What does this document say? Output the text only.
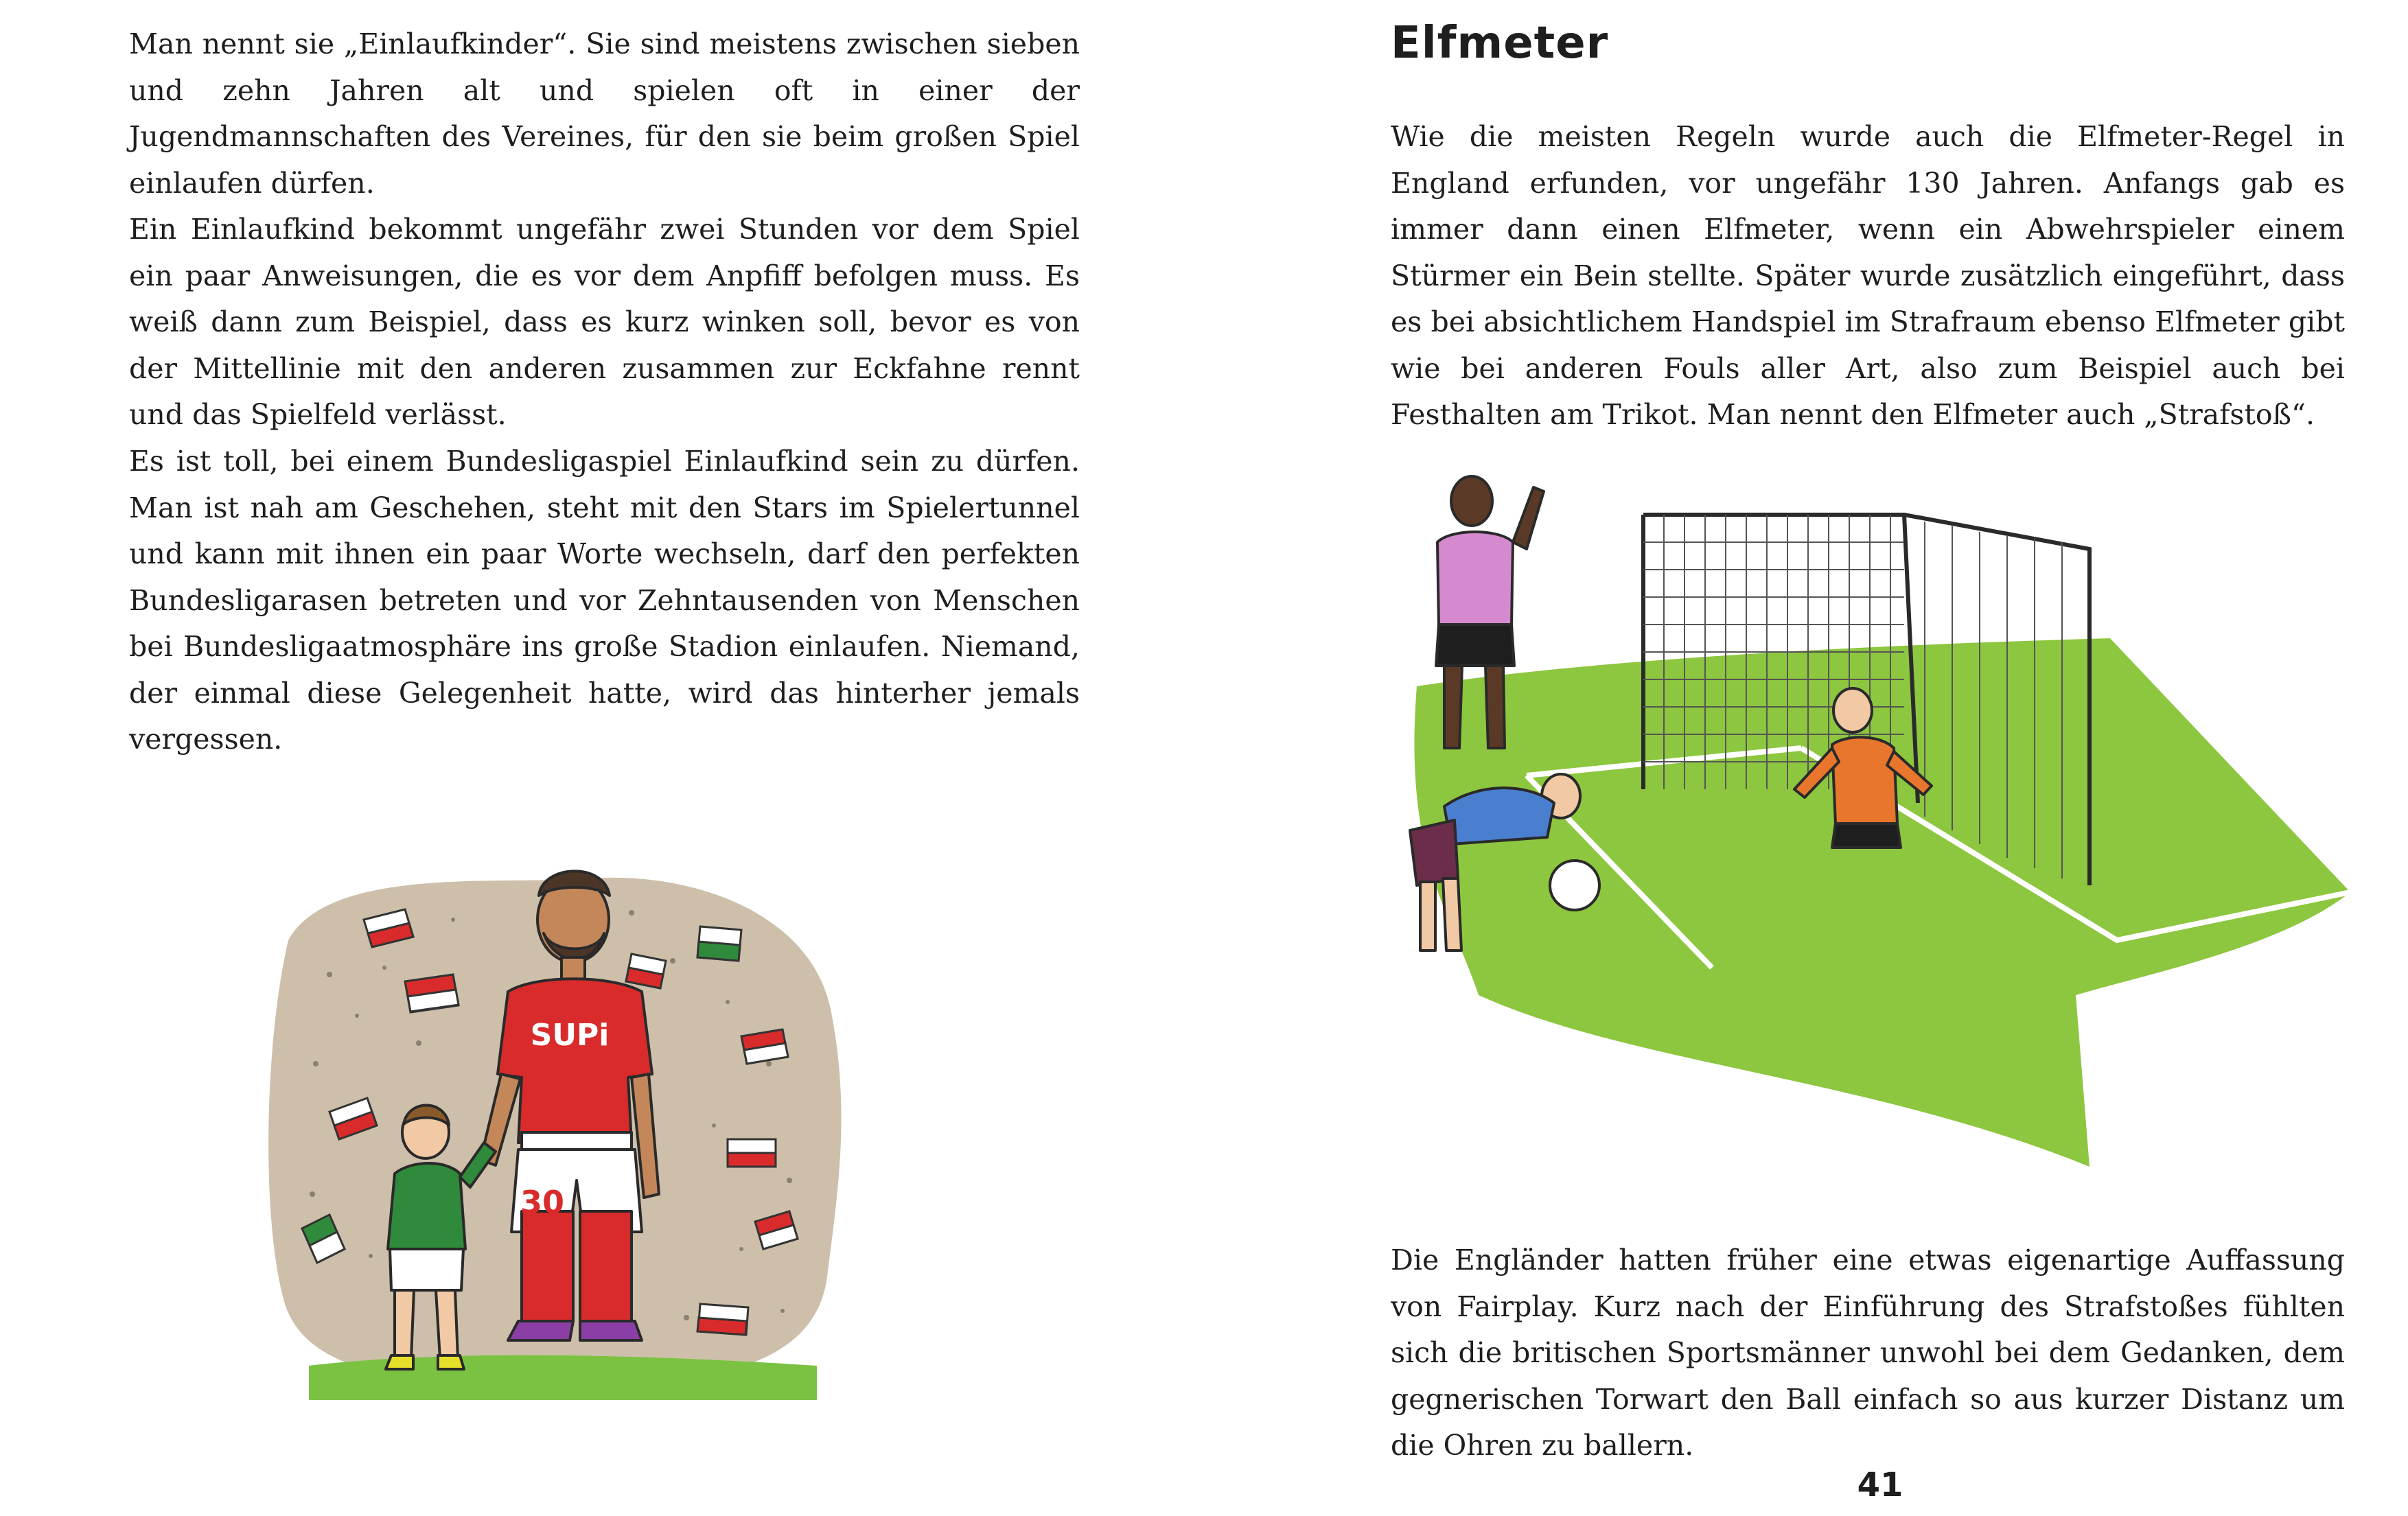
Man nennt sie „Einlaufkinder“. Sie sind meistens zwischen sieben und zehn Jahren alt und spielen oft in einer der Jugendmannschaften des Vereines, für den sie beim großen Spiel einlaufen dürfen.

Ein Einlaufkind bekommt ungefähr zwei Stunden vor dem Spiel ein paar Anweisungen, die es vor dem Anpfiff befolgen muss. Es weiß dann zum Beispiel, dass es kurz winken soll, bevor es von der Mittellinie mit den anderen zusammen zur Eckfahne rennt und das Spielfeld verlässt.

Es ist toll, bei einem Bundesligaspiel Einlaufkind sein zu dürfen. Man ist nah am Geschehen, steht mit den Stars im Spielertunnel und kann mit ihnen ein paar Worte wechseln, darf den perfekten Bundesligarasen betreten und vor Zehntausenden von Menschen bei Bundesligaatmosphäre ins große Stadion einlaufen. Niemand, der einmal diese Gelegenheit hatte, wird das hinterher jemals vergessen.

SUPi
30
Elfmeter

Wie die meisten Regeln wurde auch die Elfmeter-Regel in England erfunden, vor ungefähr 130 Jahren. Anfangs gab es immer dann einen Elfmeter, wenn ein Abwehrspieler einem Stürmer ein Bein stellte. Später wurde zusätzlich eingeführt, dass es bei absichtlichem Handspiel im Strafraum ebenso Elfmeter gibt wie bei anderen Fouls aller Art, also zum Beispiel auch bei Festhalten am Trikot. Man nennt den Elfmeter auch „Strafstoß“.

Die Engländer hatten früher eine etwas eigenartige Auffassung von Fairplay. Kurz nach der Einführung des Strafstoßes fühlten sich die britischen Sportsmänner unwohl bei dem Gedanken, dem gegnerischen Torwart den Ball einfach so aus kurzer Distanz um die Ohren zu ballern.

41
